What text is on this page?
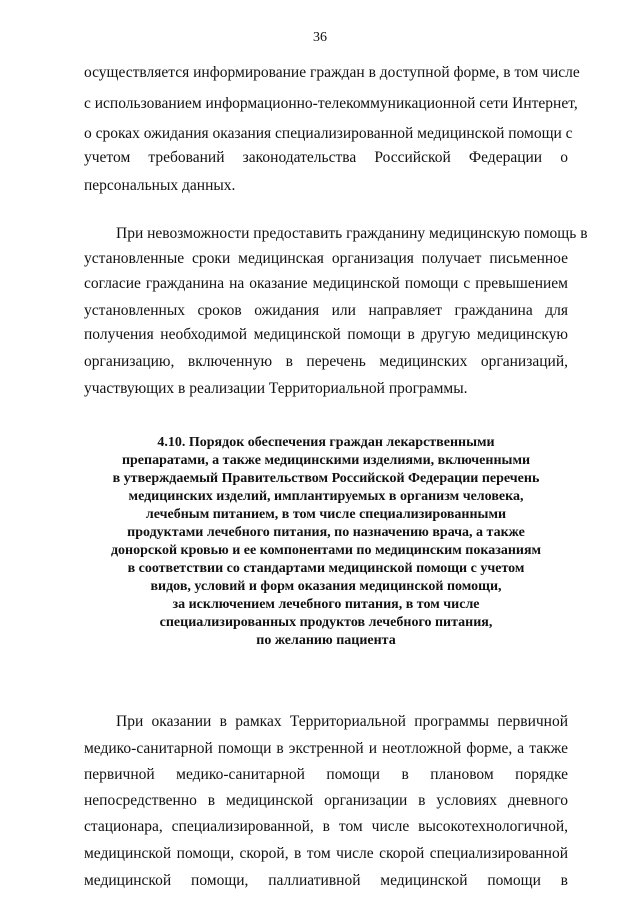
36
осуществляется информирование граждан в доступной форме, в том числе
с использованием информационно-телекоммуникационной сети Интернет,
о сроках ожидания оказания специализированной медицинской помощи с
учетом требований законодательства Российской Федерации о
персональных данных.
При невозможности предоставить гражданину медицинскую помощь в
установленные сроки медицинская организация получает письменное
согласие гражданина на оказание медицинской помощи с превышением
установленных сроков ожидания или направляет гражданина для
получения необходимой медицинской помощи в другую медицинскую
организацию, включенную в перечень медицинских организаций,
участвующих в реализации Территориальной программы.
4.10. Порядок обеспечения граждан лекарственными
препаратами, а также медицинскими изделиями, включенными
в утверждаемый Правительством Российской Федерации перечень
медицинских изделий, имплантируемых в организм человека,
лечебным питанием, в том числе специализированными
продуктами лечебного питания, по назначению врача, а также
донорской кровью и ее компонентами по медицинским показаниям
в соответствии со стандартами медицинской помощи с учетом
видов, условий и форм оказания медицинской помощи,
за исключением лечебного питания, в том числе
специализированных продуктов лечебного питания,
по желанию пациента
При оказании в рамках Территориальной программы первичной
медико-санитарной помощи в экстренной и неотложной форме, а также
первичной медико-санитарной помощи в плановом порядке
непосредственно в медицинской организации в условиях дневного
стационара, специализированной, в том числе высокотехнологичной,
медицинской помощи, скорой, в том числе скорой специализированной
медицинской помощи, паллиативной медицинской помощи в
